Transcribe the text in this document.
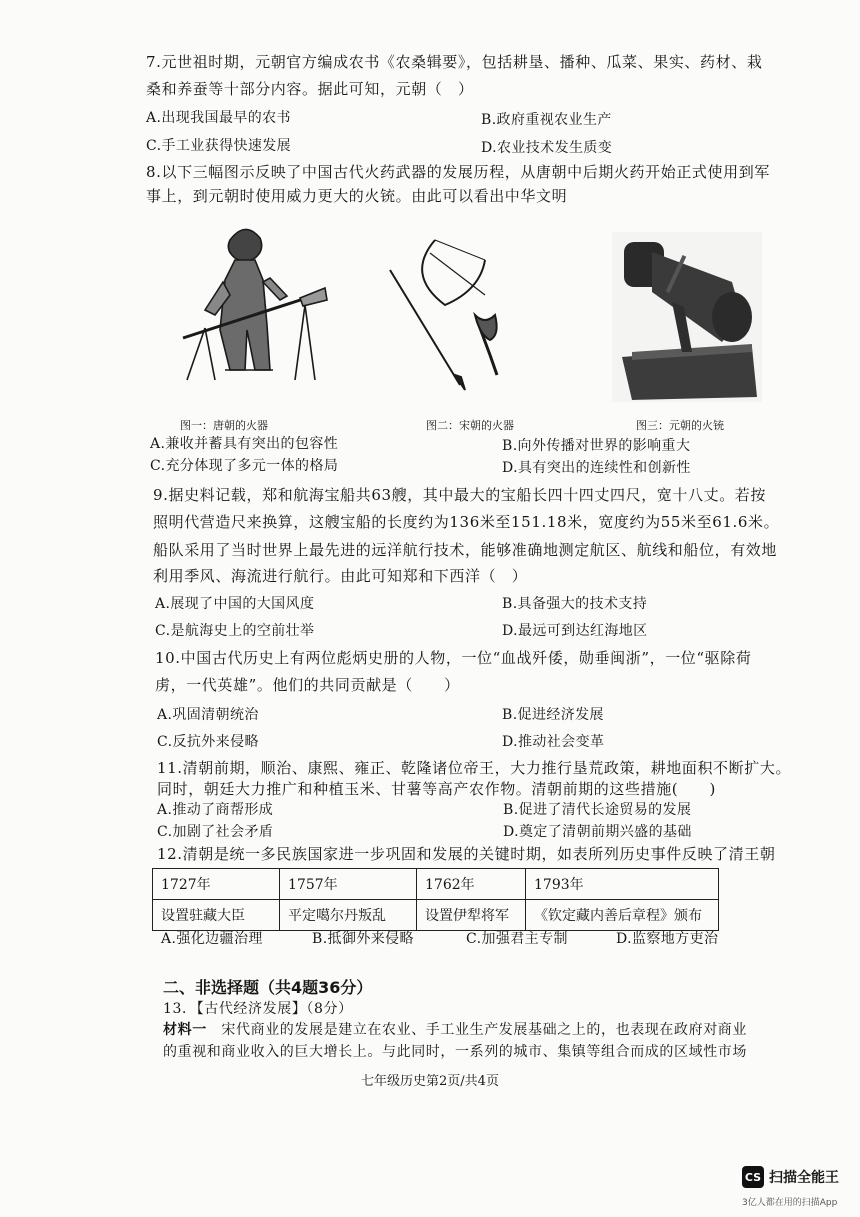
7.元世祖时期，元朝官方编成农书《农桑辑要》，包括耕垦、播种、瓜菜、果实、药材、栽
桑和养蚕等十部分内容。据此可知，元朝（　）
A.出现我国最早的农书	B.政府重视农业生产
C.手工业获得快速发展	D.农业技术发生质变
8.以下三幅图示反映了中国古代火药武器的发展历程，从唐朝中后期火药开始正式使用到军
事上，到元朝时使用威力更大的火铳。由此可以看出中华文明
图一：唐朝的火器	图二：宋朝的火器	图三：元朝的火铳
A.兼收并蓄具有突出的包容性	B.向外传播对世界的影响重大
C.充分体现了多元一体的格局	D.具有突出的连续性和创新性
9.据史料记载，郑和航海宝船共63艘，其中最大的宝船长四十四丈四尺，宽十八丈。若按
照明代营造尺来换算，这艘宝船的长度约为136米至151.18米，宽度约为55米至61.6米。
船队采用了当时世界上最先进的远洋航行技术，能够准确地测定航区、航线和船位，有效地
利用季风、海流进行航行。由此可知郑和下西洋（　）
A.展现了中国的大国风度	B.具备强大的技术支持
C.是航海史上的空前壮举	D.最远可到达红海地区
10.中国古代历史上有两位彪炳史册的人物，一位“血战歼倭，勋垂闽浙”，一位“驱除荷
虏，一代英雄”。他们的共同贡献是（　　）
A.巩固清朝统治	B.促进经济发展
C.反抗外来侵略	D.推动社会变革
11.清朝前期，顺治、康熙、雍正、乾隆诸位帝王，大力推行垦荒政策，耕地面积不断扩大。
同时，朝廷大力推广和种植玉米、甘薯等高产农作物。清朝前期的这些措施(　　)
A.推动了商帮形成	B.促进了清代长途贸易的发展
C.加剧了社会矛盾	D.奠定了清朝前期兴盛的基础
12.清朝是统一多民族国家进一步巩固和发展的关键时期，如表所列历史事件反映了清王朝
1727年	1757年	1762年	1793年
设置驻藏大臣	平定噶尔丹叛乱	设置伊犁将军	《钦定藏内善后章程》颁布
A.强化边疆治理	B.抵御外来侵略	C.加强君主专制	D.监察地方吏治
二、非选择题（共4题36分）
13．【古代经济发展】（8分）
材料一　宋代商业的发展是建立在农业、手工业生产发展基础之上的，也表现在政府对商业
的重视和商业收入的巨大增长上。与此同时，一系列的城市、集镇等组合而成的区域性市场
七年级历史第2页/共4页
CS 扫描全能王
3亿人都在用的扫描App
